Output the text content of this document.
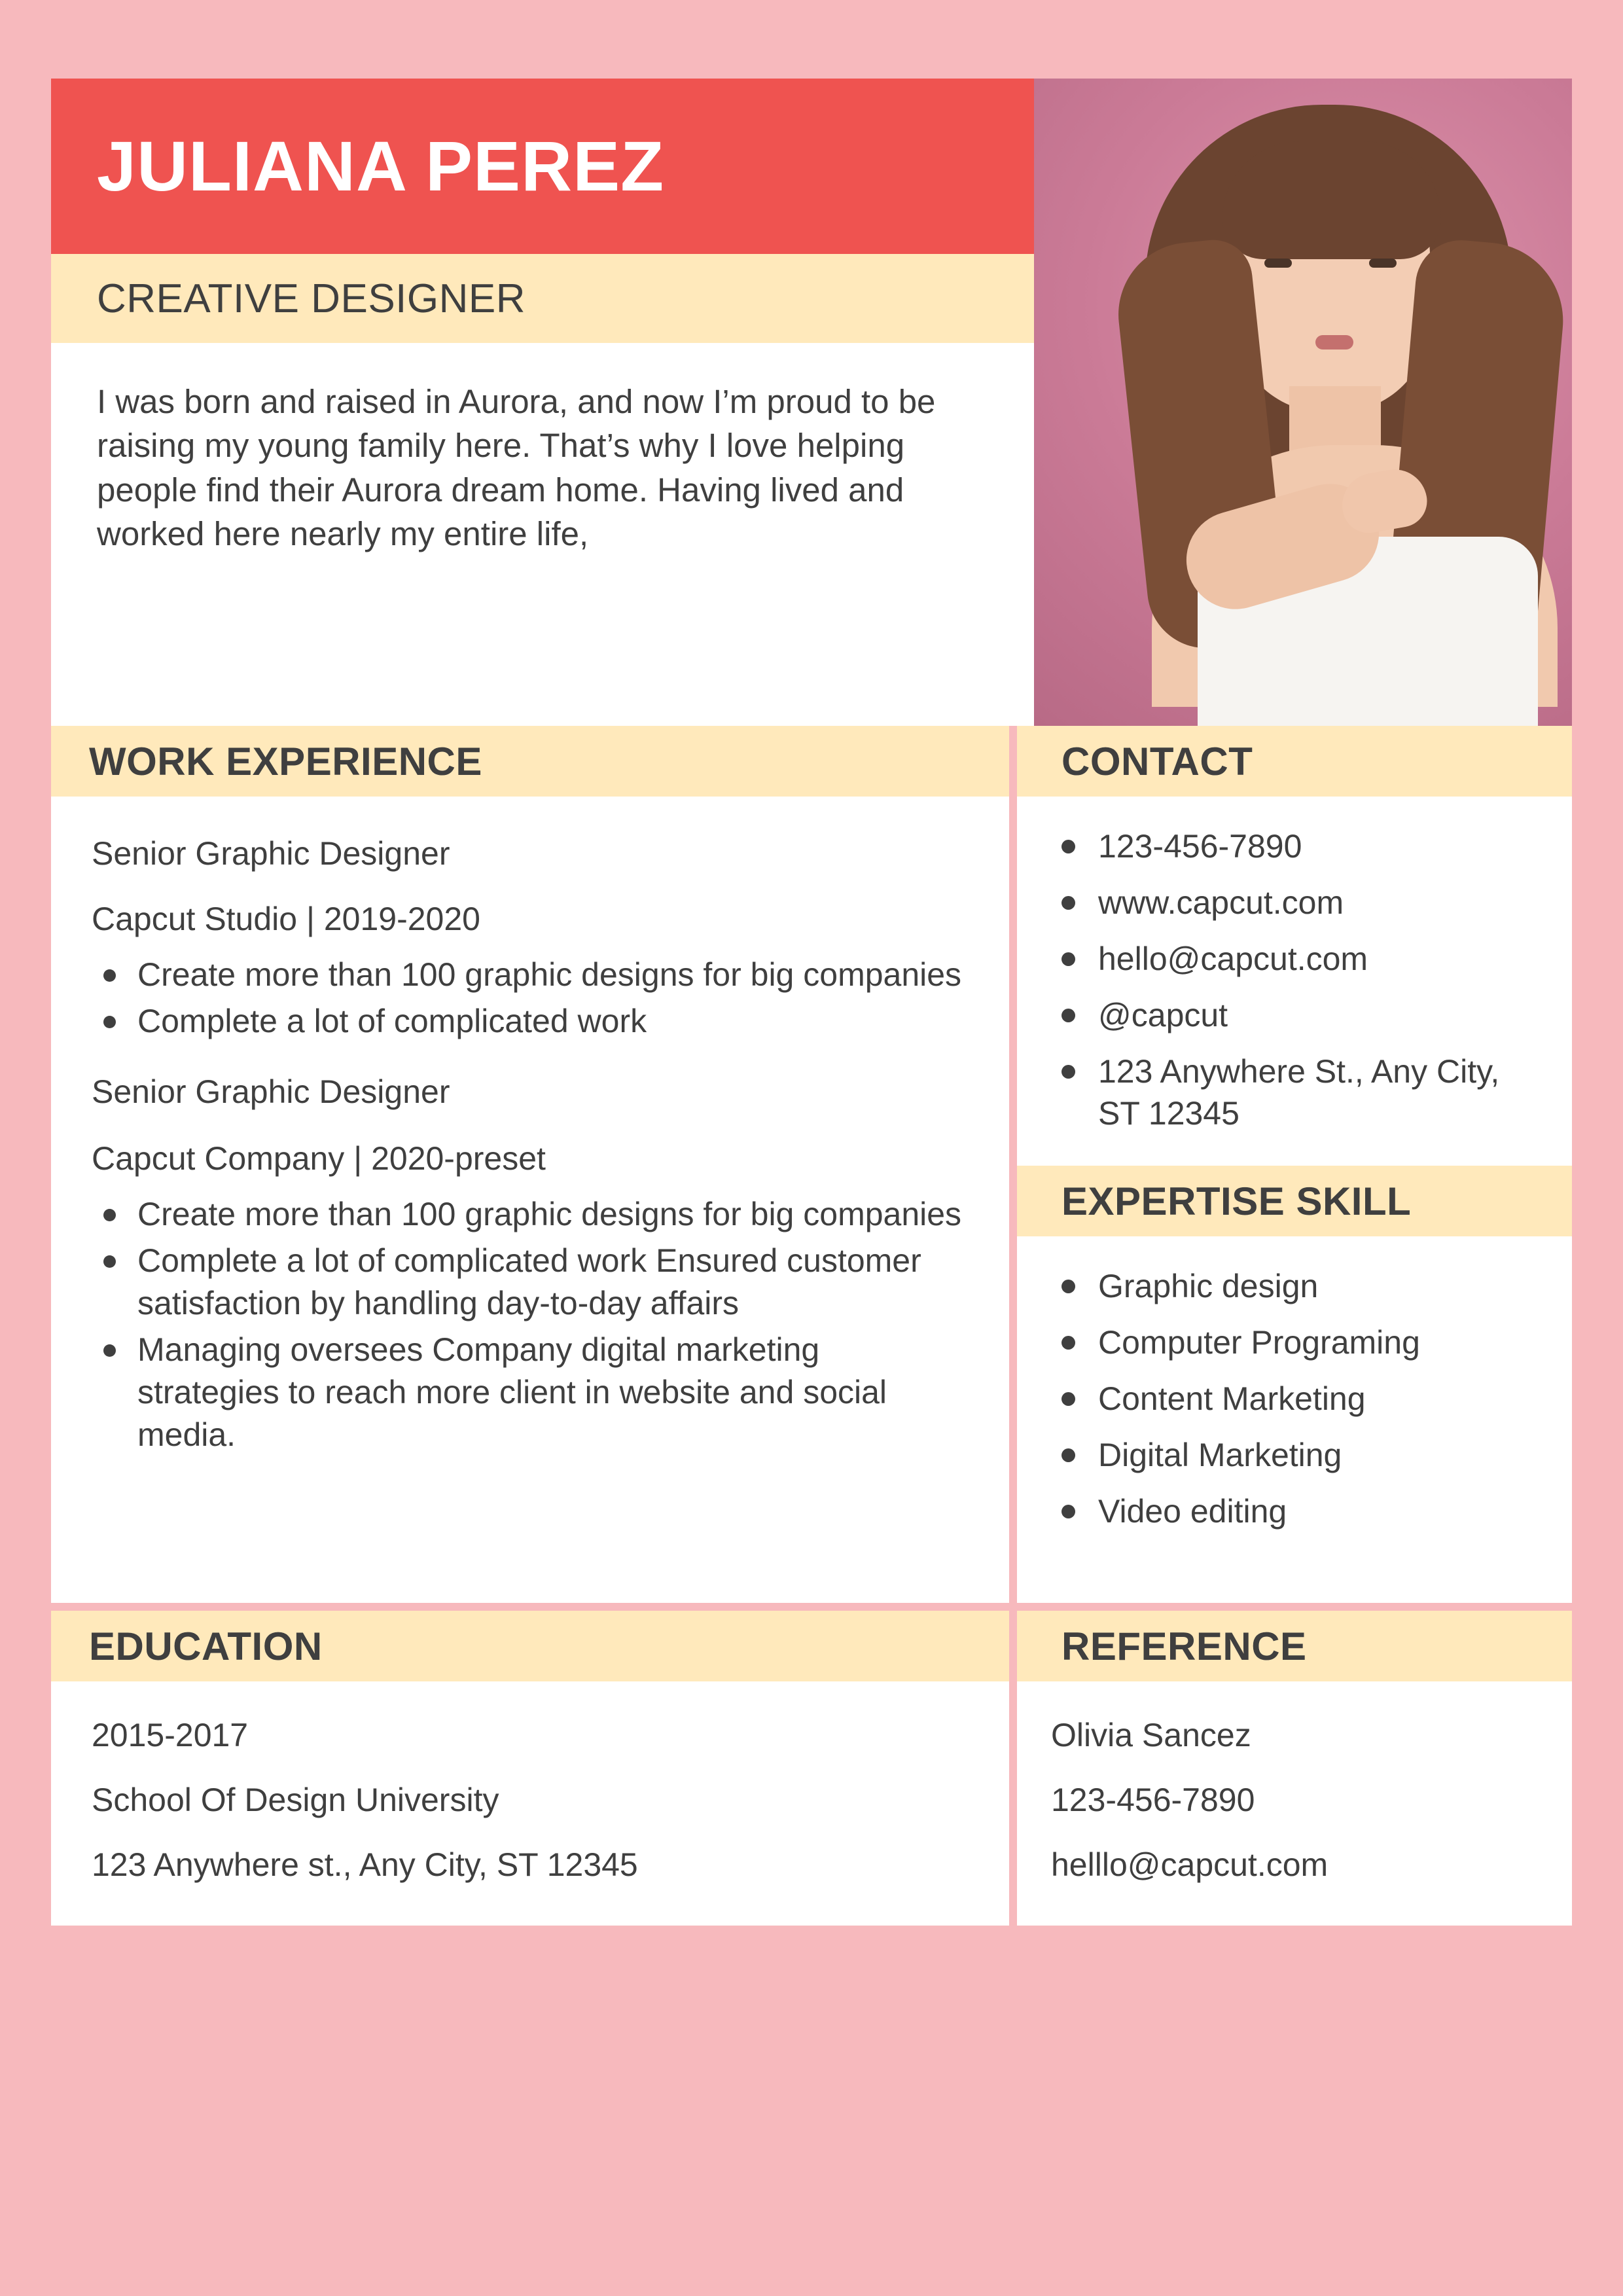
JULIANA PEREZ
CREATIVE DESIGNER

I was born and raised in Aurora, and now I’m proud to be raising my young family here. That’s why I love helping people find their Aurora dream home. Having lived and worked here nearly my entire life,

WORK EXPERIENCE	CONTACT

Senior Graphic Designer

Capcut Studio | 2019-2020

Create more than 100 graphic designs for big companies
Complete a lot of complicated work

Senior Graphic Designer

Capcut Company | 2020-preset

Create more than 100 graphic designs for big companies
Complete a lot of complicated work Ensured customer satisfaction by handling day-to-day affairs
Managing oversees Company digital marketing strategies to reach more client in website and social media.
123-456-7890
www.capcut.com
hello@capcut.com
@capcut
123 Anywhere St., Any City, ST 12345
EXPERTISE SKILL
Graphic design
Computer Programing
Content Marketing
Digital Marketing
Video editing
EDUCATION	REFERENCE

2015-2017

School Of Design University

123 Anywhere st., Any City, ST 12345

Olivia Sancez

123-456-7890

helllo@capcut.com
